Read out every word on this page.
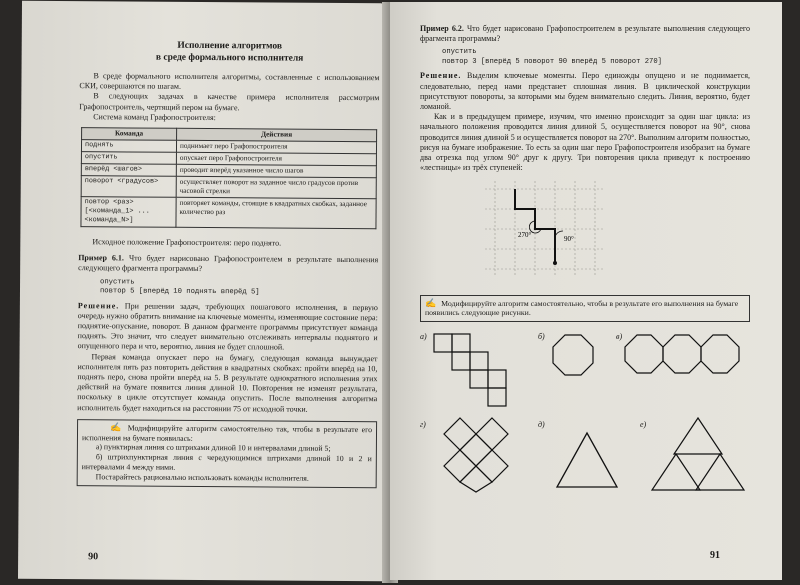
Исполнение алгоритмов
в среде формального исполнителя

В среде формального исполнителя алгоритмы, составленные с использованием СКИ, совершаются по шагам.

В следующих задачах в качестве примера исполнителя рассмотрим Графопостроитель, чертящий пером на бумаге.

Система команд Графопостроителя:

Команда	Действия
поднять	поднимает перо Графопостроителя
опустить	опускает перо Графопостроителя
вперёд <шагов>	проводит вперёд указанное число шагов
поворот <градусов>	осуществляет поворот на заданное число градусов против часовой стрелки
повтор <раз> [<команда_1> ... <команда_N>]	повторяет команды, стоящие в квадратных скобках, заданное количество раз

Исходное положение Графопостроителя: перо поднято.

Пример 6.1. Что будет нарисовано Графопостроителем в результате выполнения следующего фрагмента программы?

опустить
повтор 5 [вперёд 10 поднять вперёд 5]

Решение. При решении задач, требующих пошагового исполнения, в первую очередь нужно обратить внимание на ключевые моменты, изменяющие состояние пера: поднятие-опускание, поворот. В данном фрагменте программы присутствует команда поднять. Это значит, что следует внимательно отслеживать интервалы поднятого и опущенного пера и что, вероятно, линия не будет сплошной.

Первая команда опускает перо на бумагу, следующая команда вынуждает исполнителя пять раз повторить действия в квадратных скобках: пройти вперёд на 10, поднять перо, снова пройти вперёд на 5. В результате однократного исполнения этих действий на бумаге появится линия длиной 10. Повторения не изменят результата, поскольку в цикле отсутствует команда опустить. После выполнения алгоритма исполнитель будет находиться на расстоянии 75 от исходной точки.

✍ Модифицируйте алгоритм самостоятельно так, чтобы в результате его исполнения на бумаге появилась:

а) пунктирная линия со штрихами длиной 10 и интервалами длиной 5;

б) штрихпунктирная линия с чередующимися штрихами длиной 10 и 2 и интервалами 4 между ними.

Постарайтесь рационально использовать команды исполнителя.

90

Пример 6.2. Что будет нарисовано Графопостроителем в результате выполнения следующего фрагмента программы?

опустить
повтор 3 [вперёд 5 поворот 90 вперёд 5 поворот 270]

Решение. Выделим ключевые моменты. Перо единожды опущено и не поднимается, следовательно, перед нами предстанет сплошная линия. В циклической конструкции присутствуют повороты, за которыми мы будем внимательно следить. Линия, вероятно, будет ломаной.

Как и в предыдущем примере, изучим, что именно происходит за один шаг цикла: из начального положения проводится линия длиной 5, осуществляется поворот на 90°, снова проводится линия длиной 5 и осуществляется поворот на 270°. Выполним алгоритм полностью, рисуя на бумаге изображение. То есть за один шаг перо Графопостроителя изобразит на бумаге два отрезка под углом 90° друг к другу. Три повторения цикла приведут к построению «лестницы» из трёх ступеней:

90°
270°
✍ Модифицируйте алгоритм самостоятельно, чтобы в результате его выполнения на бумаге появились следующие рисунки.
а)	б)	в)
г)	д)	е)
91
